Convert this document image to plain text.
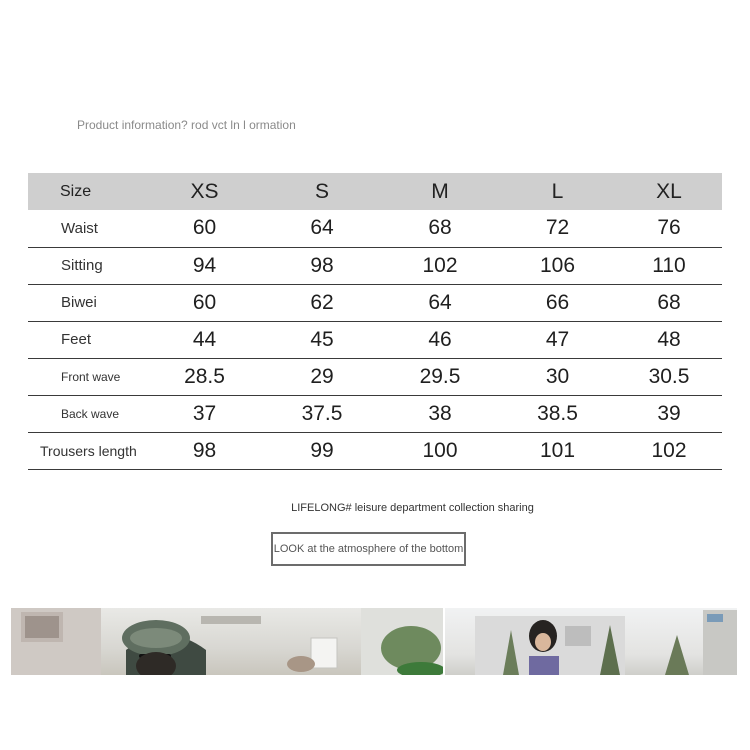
Product information? rod vct ln l ormation
Size	XS	S	M	L	XL
Waist	60	64	68	72	76
Sitting	94	98	102	106	110
Biwei	60	62	64	66	68
Feet	44	45	46	47	48
Front wave	28.5	29	29.5	30	30.5
Back wave	37	37.5	38	38.5	39
Trousers length	98	99	100	101	102
LIFELONG# leisure department collection sharing
LOOK at the atmosphere of the bottom
